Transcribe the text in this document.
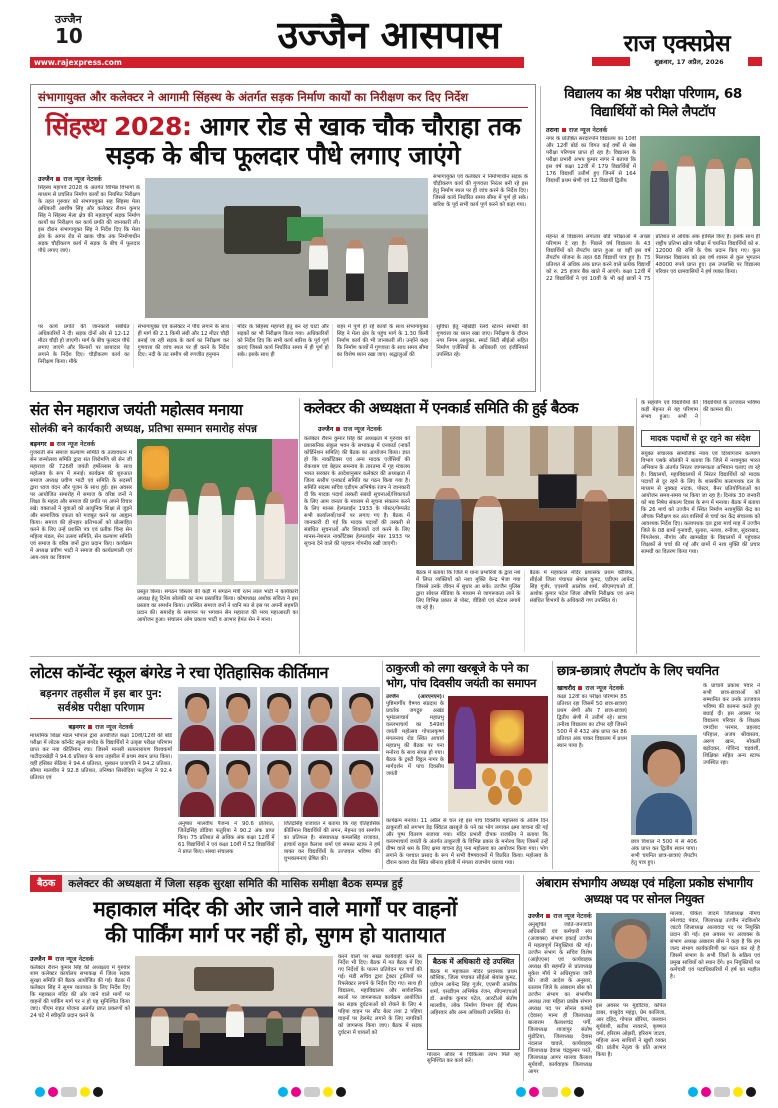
उज्जैन
10	उज्जैन आसपास	राज एक्सप्रेस
www.rajexpress.com	शुक्रवार, 17 अप्रैल, 2026
संभागायुक्त और कलेक्टर ने आगामी सिंहस्थ के अंतर्गत सड़क निर्माण कार्यों का निरीक्षण कर दिए निर्देश
सिंहस्थ 2028: आगर रोड से खाक चौक चौराहा तक सड़क के बीच फूलदार पौधे लगाए जाएंगे
उज्जैन राज न्यूज नेटवर्क

सिंहस्थ महापर्व 2028 के अंतर्गत विभिन्न विभागों के माध्यम से प्रचलित निर्माण कार्यों का नियमित निरीक्षण के तहत गुरुवार को संभागायुक्त सह सिंहस्थ मेला अधिकारी आशीष सिंह और कलेक्टर रौशन कुमार सिंह ने सिंहस्थ मेला क्षेत्र की महत्वपूर्ण सड़क निर्माण कार्यों का निरीक्षण कर कार्य प्रगति की जानकारी ली। इस दौरान संभागायुक्त सिंह ने निर्देश दिए कि मेला क्षेत्र के आगर रोड से खाक चौक तक निर्माणाधीन सड़क चौड़ीकरण कार्य में सड़क के बीच में फूलदार पौधे लगाए जाएं।

संभागायुक्त एवं कलेक्टर ने निर्माणाधीन सड़क के चौड़ीकरण कार्य की गुणवत्ता निरंतर बनी रहे इस हेतु निर्माण स्थल पर ही जांच करने के निर्देश दिए। जिससे कार्य निर्धारित समय सीमा में पूर्ण हो सके। बारिश के पूर्व सभी कार्य पूर्ण करने को कहा गया।

पर कार्य प्रगति की जानकारी संबंधित अधिकारियों ने दी। सड़क दोनों ओर से 12-12 मीटर चौड़ी हो जाएगी। मार्ग के बीच फूलदार पौधे लगाए जाएंगे और किनारों पर छायादार पेड़ लगाने के निर्देश दिए। चौड़ीकरण कार्य का निरीक्षण किया। मौके

संभागायुक्त एवं कलेक्टर ने पौधे लगाने के साथ ही मार्ग की 2.1 किमी लंबी और 12 मीटर चौड़ी बनाई जा रही सड़क के कार्य का निरीक्षण कर गुणवत्ता की जांच स्थल पर ही करने के निर्देश दिए। नदी के तट समीप श्री रणजीत हनुमान

मंदिर के सिंहस्थ महापर्व हेतु बन रहे घाटों और सड़कों का भी निरीक्षण किया गया। अधिकारियों को निर्देश दिए कि सभी कार्य बारिश के पूर्व पूर्ण कराएं जिससे कार्य निर्धारित समय में ही पूर्ण हो सके। इसके साथ ही

शहर में पूर्ण हो रहे कार्यों के साथ संभागायुक्त सिंह ने मेला क्षेत्र के पहुंच मार्ग के 1.30 किमी निर्माण कार्य की भी जानकारी ली। उन्होंने कहा कि निर्माण कार्यों में गुणवत्ता के साथ समय सीमा का विशेष ध्यान रखा जाए। श्रद्धालुओं की

सुविधा हेतु नईखेड़ी रेलवे स्टेशन सामग्री की गुणवत्ता का ध्यान रखा जाए। निरीक्षण के दौरान नगर निगम आयुक्त, स्मार्ट सिटी सीईओ सहित निर्माण एजेंसियों के अधिकारी एवं इंजीनियर्स उपस्थित रहे।

विद्यालय का श्रेष्ठ परीक्षा परिणाम, 68 विद्यार्थियों को मिले लैपटॉप
तराना राज न्यूज नेटवर्क

नगर के प्रतिष्ठित सरदारपनि विद्यालय का 10वीं और 12वीं बोर्ड का विगत कई वर्षों से श्रेष्ठ परीक्षा परिणाम प्राप्त हो रहा है। विद्यालय के परीक्षा प्रभारी अभय कुमार नागर ने बताया कि इस वर्ष कक्षा 12वीं में 179 विद्यार्थियों में 176 विद्यार्थी उत्तीर्ण हुए जिनमें से 164 विद्यार्थी प्रथम श्रेणी एवं 12 विद्यार्थी द्वितीय

मेहनत से विद्यालय लगातार बोर्ड परीक्षाओं में अच्छा परिणाम दे रहा है। पिछले वर्ष विद्यालय के 43 विद्यार्थियों को लैपटॉप प्राप्त हुआ था वहीं इस वर्ष लैपटॉप योजना के तहत 68 विद्यार्थी पात्र हुए है। 75 प्रतिशत से अधिक अंक प्राप्त करने वाले प्रत्येक विद्यार्थी को रु. 25 हजार बैंक खाते में आएंगे। कक्षा 12वीं में 22 विद्यार्थियों ने एवं 10वीं के भी कई छात्रों ने 75 प्रतिशत से अधिक अंक हासिल किए है। इसके साथ ही राष्ट्रीय प्रतिभा खोज परीक्षा में चयनित विद्यार्थियों को रु. 12000 की राशि के चेक प्रदान किए गए। कुल मिलाकर विद्यालय को इस वर्ष शासन से कुल भुगतान 48000 रुपये प्राप्त हुए। इस उपलब्धि पर विद्यालय परिवार एवं ग्रामवासियों ने हर्ष व्यक्त किया।
संत सेन महाराज जयंती महोत्सव मनाया
सोलंकी बने कार्यकारी अध्यक्ष, प्रतिभा सम्मान समारोह संपन्न
बड़नगर राज न्यूज नेटवर्क

गुजराती सेन समाज कल्याण समिति के तत्वावधान में सेन जन्मोत्सव समिति द्वारा संत शिरोमणि श्री सेन जी महाराज की 726वीं जयंती हर्षोल्लास के साथ महोत्सव के रूप में मनाई। कार्यक्रम की शुरुआत समाज अध्यक्ष प्रवीण भाटी एवं समिति के सदस्यों द्वारा ध्वज वंदन और पूजन के साथ हुई। इस अवसर पर आयोजित समारोह में समाज के वरिष्ठ जनों ने शिक्षा के महत्व और समाज की प्रगति पर अपने विचार रखे। वक्ताओं ने युवाओं को आधुनिक शिक्षा से जुड़ने और सामाजिक एकता को मजबूत करने का आह्वान किया। समाज की होनहार प्रतिभाओं को प्रोत्साहित करने के लिए उन्हें प्रशस्ति पत्र एवं प्रतीक चिन्ह सेन महिला मंडल, सेन उत्सव समिति, सेन कल्याण समिति एवं समाज के वरिष्ठ जनों द्वारा प्रदान किए। कार्यक्रम में अध्यक्ष प्रवीण भाटी ने समाज की कार्यप्रणाली एवं आय-व्यय का विवरण

प्रस्तुत किया। संगठन विस्तार की कड़ी में संगठन मंत्री रतन लाल भाटी ने कार्यकारी अध्यक्ष हेतु दिनेश सोलंकी का नाम प्रस्तावित किया। कोषाध्यक्ष अशोक सविता ने इस प्रस्ताव का समर्थन किया। उपस्थित समाज जनों ने ध्वनि मत से इस पर अपनी सहमति प्रदान की। समारोह के समापन पर भगवान सेन महाराज की भव्य महाआरती का आयोजन हुआ। संचालन ओम प्रकाश भाटी व आभार हेमंत सेन ने माना।

कलेक्टर की अध्यक्षता में एनकार्ड समिति की हुई बैठक
उज्जैन राज न्यूज नेटवर्क

कलेक्टर रौशन कुमार सिंह की अध्यक्षता में गुरुवार को प्रशासनिक संकुल भवन के सभाकक्ष में एनकार्ड (नार्को कोर्डिनेशन समिति) की बैठक का आयोजन किया। ज्ञात हो कि नार्कोटिक्स एवं अन्य मादक एजेंसियों की रोकथाम एवं बेहतर समन्वय के तारतम्य में गृह मंत्रालय भारत सरकार के आदेशानुसार कलेक्टर की अध्यक्षता में जिला स्तरीय एनकार्ड समिति का गठन किया गया है। समिति सदस्य सचिव एडीएम अभिषेक रंजन ने जानकारी दी कि मादक पदार्थ तस्करी संबंधी सूचनाओं/शिकायतों के लिए आम जनता के माध्यम से सूचना संकलन करने के लिए मानस हेल्पलाईन 1933 के पोस्टर/पेम्पलेट सभी कार्यालयों/थानों पर लगाए गए है। बैठक में जानकारी दी गई कि मादक पदार्थों की तस्करी से संबंधित सूचनाओं और शिकायतें दर्ज करने के लिए मानस-नेशनल नार्कोटिक्स हेल्पलाईन नंबर 1933 पर सूचना देने वाले की पहचान गोपनीय रखी जाएगी।

बैठक में बताया कि जिले में थाना प्रभारियों के द्वारा नशे में लिप्त व्यक्तियों को नशा मुक्ति केन्द्र भेजा गया जिससे उनके जीवन में सुधार आ सके। उज्जैन पुलिस द्वारा सोशल मीडिया के माध्यम से जागरूकता लाने के लिए विभिन्न प्रकार से पोस्ट, वीडियो एवं स्टेटस लगाये जा रहे है।

बैठक में महाकाल मंदिर प्रशासक प्रथम कौशिक, सीईओ जिला पंचायत श्रेयांस कूमट, एडीएम आयेन्द्र सिंह गुर्जर, एएसपी आलोक शर्मा, सीएमएचओ डॉ. अशोक कुमार पटेल जिला औषधि निरीक्षक एवं अन्य संबंधित विभागों के अधिकारी गण उपस्थित थे।

के सहयोग एवं विद्यार्थियों की कड़ी मेहनत से यह परिणाम संभव हुआ। सभी ने विद्यार्थियों के उज्जवल भविष्य की कामना की।
मादक पदार्थों से दूर रहने का संदेश

संयुक्त संचालक सामाजिक न्याय एवं दिव्यांगजन कल्याण विभाग एसके सोलंकी ने बताया कि जिले में नशामुक्त भारत अभियान के अंतर्गत निरंतर जागरूकता अभियान चलाए जा रहे है। विद्यालयों, महाविद्यालयों में निरंतर विद्यार्थियों को मादक पदार्थों से दूर रहने के लिए के शासकीय कलापथक दल के माध्यम से नुक्कड़ नाटक, पोस्टर, बैनर प्रतियोगिताओं का आयोजन समय-समय पर किया जा रहा है। दिनांक 30 जनवरी को मद्य निषेध संकल्प दिवस के रूप में मनाया। बैठक में बताया कि 26 मार्च को उज्जैन में स्थित निर्माण नशामुक्ति केंद्र का औचक निरीक्षण कर अंत:वासियों से चर्चा कर केंद्र संचालक को आवश्यक निर्देश दिए। कलापथक दल द्वारा मार्च माह में उज्जैन जिले के 08 ग्रामों गुनावदी, सुतारा, नलवा, रुनीजा, सुंदराबाद, पिंगलेश्वर, नौगांव और खामखेड़ा के विद्यालयों में पहुंचकर शिक्षकों से चर्चा की गई और ग्रामों में नशा मुक्ति की प्रचार सामग्री का वितरण किया गया।

लोटस कॉन्वेंट स्कूल बंगरेड ने रचा ऐतिहासिक कीर्तिमान
बड़नगर तहसील में इस बार पुन: सर्वश्रेष्ठ परीक्षा परिणाम
बड़नगर राज न्यूज नेटवर्क

माध्यमिक शिक्षा मंडल भोपाल द्वारा आयोजित कक्षा 10वीं/12वीं की बोर्ड परीक्षा में लोटस कॉन्वेंट स्कूल बंगरेड के विद्यार्थियों ने उत्कृष्ट परीक्षा परिणाम प्राप्त कर नया कीर्तिमान रचा। जिसमें मानसी सत्यनारायण विश्वकर्मा पाटीदारखेड़ी ने 94.6 प्रतिशत के साथ तहसील में प्रथम स्थान प्राप्त किया। वहीं हंसिका सेठिया ने 94.4 प्रतिशत, मुस्कान प्रजापति ने 94.2 प्रतिशत, सौम्या मालवीय ने 92.8 प्रतिशत, तनिष्का सिसोदिया फतुरिया ने 92.4 प्रतिशत एवं

अनुष्का मालवीय पैजन्य ने 90.6 प्रतिशत, जितेंद्रसिंह डोडिया फतुरिया ने 90.2 अंक प्राप्त किए। 75 प्रतिशत से अधिक अंक कक्षा 12वीं में 61 विद्यार्थियों ने एवं कक्षा 10वीं में 52 विद्यार्थियों ने प्राप्त किए। संस्था संचालक

जितेंद्रसिंह राजावत ने बताया कि यह ऐतिहासिक कीर्तिमान विद्यार्थियों की लगन, मेहनत एवं समर्पण का प्रतिफल है। संस्थाध्यक्ष कमलसिंह राजावत, प्राचार्य राहुल कैलाश शर्मा एवं समस्त स्टाफ ने हर्ष व्यक्त कर विद्यार्थियों के उज्जवल भविष्य की शुभकामनाएं प्रेषित की।

ठाकुरजी को लगा खरबूजे के पने का भोग, पांच दिवसीय जयंती का समापन

उज्जैन (आरएनएन)। पुष्टिमार्गीय वैष्णव संप्रदाय के प्रवर्तक जगद्गुरु अखंड भूमंडलाचार्य महाप्रभु वल्लभाचार्य का 549वां जयंती महोत्सव गोपालकृष्ण मंगलनाथ रोड स्थित आचार्य महाप्रभु की बैठक पर पना मनोरथ के साथ संपन्न हो गया। बैठक के ट्रस्टी विट्ठल नागर के मार्गदर्शन में पांच दिवसीय जयंती

कार्यक्रम मनाया। 11 अप्रैल से चल रहे इस पांच दिवसीय महोत्सव के अंतिम दिन ठाकुरजी को लगभग डेढ़ क्विंटल खरबूजे के पने का भोग लगाकर क्षमा याचना की गई और पुष्प वितरण सजाया गया। मंदिर प्रभारी दीपक राजकीय ने बताया कि वल्लभाचार्य जयंती के अंतर्गत ठाकुरजी के विभिन्न प्रकार के मनोरथ किए जिसमें उन्हें ग्रीष्म वाले श्रम के लिए क्षमा याचना हेतु पना महोत्सव का आयोजन किया गया। भोग लगाने के पश्चात प्रसाद के रूप में सभी वैष्णवजनों में वितरित किया। महोत्सव के दौरान काश्व रोड स्थित श्रीनाथ हवेली में मंगला राजभोग धराया गया।

छात्र-छात्राएं लैपटॉप के लिए चयनित
खाचरौद राज न्यूज नेटवर्क

कक्षा 12वीं का परीक्षा परिणाम 85 प्रतिशत रहा जिसमें 50 छात्र-छात्राएं प्रथम श्रेणी और 7 छात्र-छात्राएं द्वितीय श्रेणी में उत्तीर्ण रहे। छात्रा तनीशा विद्यालय का टॉपर रही जिसने 500 में से 432 अंक प्राप्त कर 86 प्रतिशत अंक पाकर विद्यालय में प्रथम स्थान पाया है।

छात्र विशाल ने 500 में से 406 अंक प्राप्त कर द्वितीय स्थान पाया। सभी चयनित छात्र-छात्राएं लैपटॉप हेतु पात्र हुए।

के प्राचार्य प्रकाश पंवार ने सभी छात्र-छात्राओं को सम्मानित कर उनके उज्जवल भविष्य की कामना करते हुए बधाई दी। इस अवसर पर विद्यालय परिवार के शिक्षक जगदीश परमार, प्रहलाद परिहाल, अजय श्रीवास्तव, अरुण खान, मोकली बड़ोदकर, गोविन्द चड़वंशी, शिक्षिका सहित अन्य स्टाफ उपस्थित रहा।

बैठक	कलेक्टर की अध्यक्षता में जिला सड़क सुरक्षा समिति की मासिक समीक्षा बैठक सम्पन्न हुई
महाकाल मंदिर की ओर जाने वाले मार्गों पर वाहनों
की पार्किंग मार्ग पर नहीं हो, सुगम हो यातायात
उज्जैन राज न्यूज नेटवर्क

कलेक्टर रौशन कुमार सिंह की अध्यक्षता में गुरुवार शाम कलेक्टर कार्यालय सभाकक्ष में जिला सड़क सुरक्षा समिति की बैठक आयोजित की गई। बैठक में कलेक्टर सिंह ने सुगम यातायात के लिए निर्देश दिए कि महाकाल मंदिर की ओर जाने वाले मार्गों पर वाहनों की पार्किंग मार्ग पर न हो यह सुनिश्चित किया जाए। पीएम राहत योजना अंतर्गत प्राप्त प्रकरणों को 24 घंटे में स्वीकृति प्रदान करने के

करने वालों पर सख्त कार्यवाही करने के निर्देश भी दिए। बैठक में गत बैठक में दिए गए निर्देशों के पालन प्रतिवेदन पर चर्चा की गई। मंडी सचिव द्वारा ट्रेक्टर ट्रालियों पर रिफ्लेक्टर लगाने के निर्देश दिए गए। साथ ही विद्यालय, महाविद्यालय और सार्वजनिक स्थलों पर जागरूकता कार्यक्रम आयोजित कर सड़क दुर्घटनाओं को रोकने के लिए 4 पहिया वाहन पर सीट बेल्ट तथा 2 पहिया वाहनों पर हेलमेट लगाने के लिए नागरिकों को जागरूक किया जाए। बैठक में सड़क दुर्घटना में घायलों को

बैठक में अधिकारी रहे उपस्थित

बैठक में महाकाल मंदिर प्रशासक प्रथम कौशिक, जिला पंचायत सीईओ श्रेयांस कूमट, एडीएम आयेन्द्र सिंह गुर्जर, एएसपी आलोक शर्मा, एसडीएम अभिषेक रंजन, सीएमएचओ डॉ. अशोक कुमार पटेल, आरटीओ संतोष मालवीय, लोक निर्माण विभाग ईई गौतम अहिरवार और अन्य अधिकारी उपस्थित थे।

गोल्डन ऑवर में चिकित्सा लाभ मिले यह सुनिश्चित कर कार्य करें।

अंबाराम संभागीय अध्यक्ष एवं महिला प्रकोष्ठ संभागीय अध्यक्ष पद पर सोनल नियुक्त
उज्जैन राज न्यूज नेटवर्क

अनुसूचित जाति-जनजाति अधिकारी एवं कर्मचारी संघ (अजाक्स) संभाग इकाई उज्जैन में महत्वपूर्ण नियुक्तियां की गई। उज्जैन संभाग के सचिव विशेष (आईएएस) एवं कार्यवाहक अध्यक्ष की सहमति से प्रांताध्यक्ष मुकेश मौर्य ने अधिसूचना जारी की। जारी आदेश के अनुसार, रतलाम जिले के अंबाराम बोस को उज्जैन संभाग का संभागीय अध्यक्ष तथा महिला प्रकोष्ठ संभाग अध्यक्ष पद पर सोनल कामडे (देवास) मान्य ही जिलाध्यक्ष बालाराम कैलाशचंद्र पर्गी, जिलाध्यक्ष शाजापुर संतोष मुंडोटिया, जिलाध्यक्ष देवास नंदलाल चावले, कार्यवाहक जिलाध्यक्ष देवास चंद्रकुमार परते, जिलाध्यक्ष आगर मालवा कैलाश सूर्यवंशी, कार्यवाहक जिलाध्यक्ष आगर

इस अवसर पर मुंडोटिया, कपिल डाबर, वासुदेव महंड्रा, प्रेम कालिजा, आर दहिद, गोपाल बोरिया, जलवान सूर्यवंशी, सतीश नायराने, कृष्णल वर्मा, हरिराम ओझरी, हरिराम जाटव, महिला अन्य साथियों ने खुशी व्यक्त की। प्रांतीय नेतृत्व के प्रति आभार किया है।

मालवा, पीकेश जादमे जिलाध्यक्ष नीमच रमेशचंद्र पंवार, जिलाध्यक्ष उज्जैन नंदकिशोर जाटवे जिलाध्यक्ष आलावदा पद पर नियुक्ति प्रदान की गई। इस अवसर पर अजाक्स के संभाग अध्यक्ष अंबाराम बोस ने कहा है कि हम जल्द संभाग कार्यकारिणी का गठन कर रहे है जिसमें संभाग के सभी जिलों के सक्रिय एवं प्रमुख साथियों को स्थान देंगे। इन नियुक्तियों पर कर्मचारी एवं पदाधिकारियों में हर्ष का माहौल है।
